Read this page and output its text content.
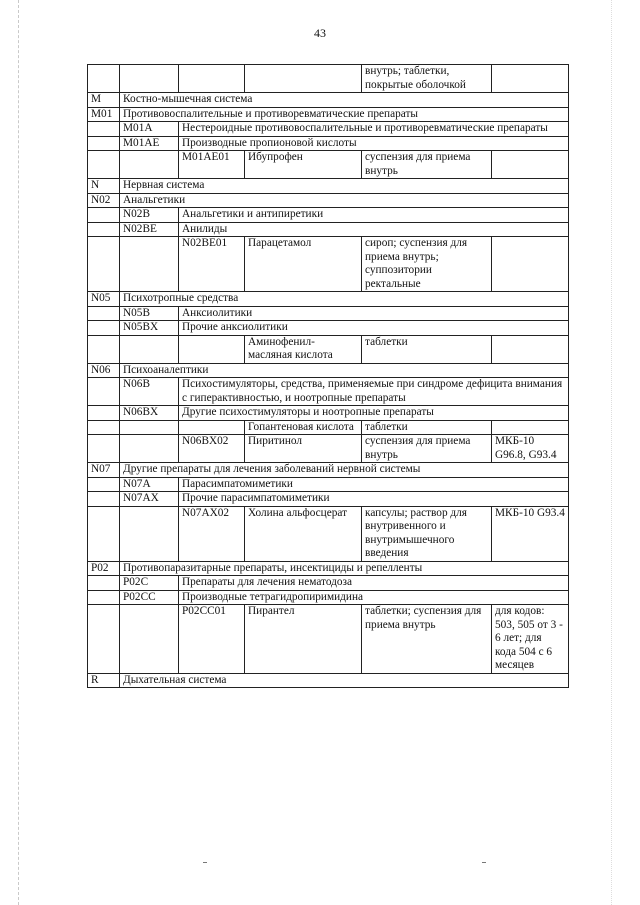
43
				внутрь; таблетки, покрытые оболочкой	
M	Костно-мышечная система				
M01	Противовоспалительные и противоревматические препараты				
	M01A	Нестероидные противовоспалительные и противоревматические препараты			
	M01AE	Производные пропионовой кислоты			
		M01AE01	Ибупрофен	суспензия для приема внутрь	
N	Нервная система				
N02	Анальгетики				
	N02B	Анальгетики и антипиретики			
	N02BE	Анилиды			
		N02BE01	Парацетамол	сироп; суспензия для приема внутрь; суппозитории ректальные	
N05	Психотропные средства				
	N05B	Анксиолитики			
	N05BX	Прочие анксиолитики			
			Аминофенил-масляная кислота	таблетки	
N06	Психоаналептики				
	N06B	Психостимуляторы, средства, применяемые при синдроме дефицита внимания с гиперактивностью, и ноотропные препараты			
	N06BX	Другие психостимуляторы и ноотропные препараты			
			Гопантеновая кислота	таблетки	
		N06BX02	Пиритинол	суспензия для приема внутрь	МКБ-10 G96.8, G93.4
N07	Другие препараты для лечения заболеваний нервной системы				
	N07A	Парасимпатомиметики			
	N07AX	Прочие парасимпатомиметики			
		N07AX02	Холина альфосцерат	капсулы; раствор для внутривенного и внутримышечного введения	МКБ-10 G93.4
P02	Противопаразитарные препараты, инсектициды и репелленты				
	P02C	Препараты для лечения нематодоза			
	P02CC	Производные тетрагидропиримидина			
		P02CC01	Пирантел	таблетки; суспензия для приема внутрь	для кодов: 503, 505 от 3 - 6 лет; для кода 504 с 6 месяцев
R	Дыхательная система				
